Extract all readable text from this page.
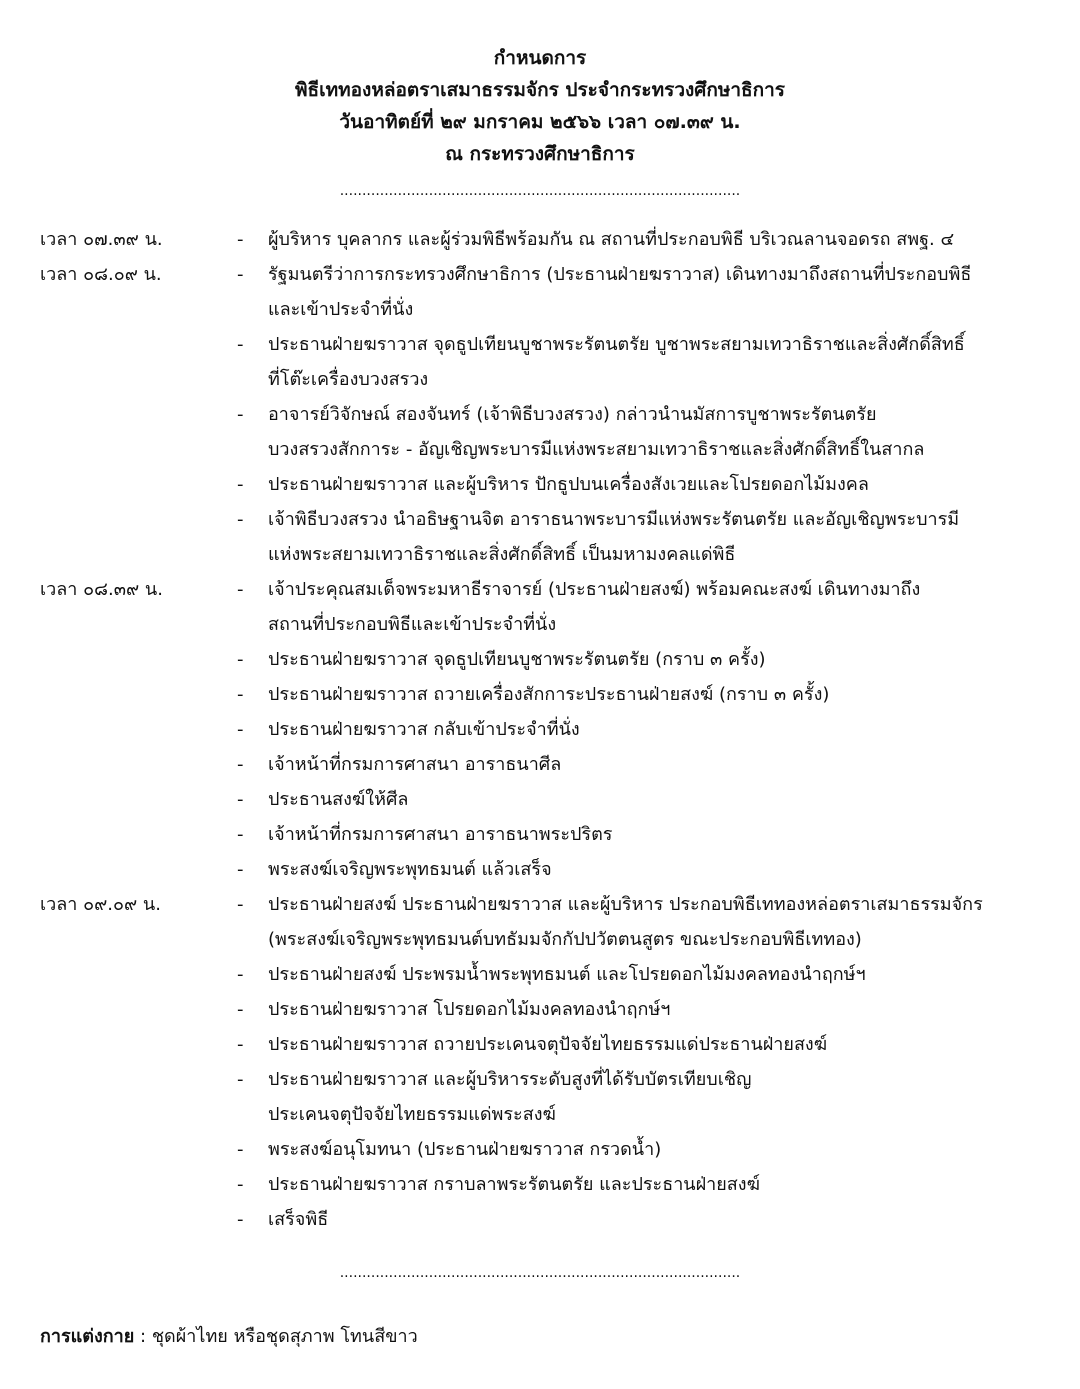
กำหนดการ
พิธีเททองหล่อตราเสมาธรรมจักร ประจำกระทรวงศึกษาธิการ
วันอาทิตย์ที่ ๒๙ มกราคม ๒๕๖๖ เวลา ๐๗.๓๙ น.
ณ กระทรวงศึกษาธิการ
..........................................................................................
เวลา ๐๗.๓๙ น.	- ผู้บริหาร บุคลากร และผู้ร่วมพิธีพร้อมกัน ณ สถานที่ประกอบพิธี บริเวณลานจอดรถ สพฐ. ๔
เวลา ๐๘.๐๙ น.	- รัฐมนตรีว่าการกระทรวงศึกษาธิการ (ประธานฝ่ายฆราวาส) เดินทางมาถึงสถานที่ประกอบพิธี
และเข้าประจำที่นั่ง
- ประธานฝ่ายฆราวาส จุดธูปเทียนบูชาพระรัตนตรัย บูชาพระสยามเทวาธิราชและสิ่งศักดิ์สิทธิ์
ที่โต๊ะเครื่องบวงสรวง
- อาจารย์วิจักษณ์ สองจันทร์ (เจ้าพิธีบวงสรวง) กล่าวนำนมัสการบูชาพระรัตนตรัย
บวงสรวงสักการะ - อัญเชิญพระบารมีแห่งพระสยามเทวาธิราชและสิ่งศักดิ์สิทธิ์ในสากล
- ประธานฝ่ายฆราวาส และผู้บริหาร ปักธูปบนเครื่องสังเวยและโปรยดอกไม้มงคล
- เจ้าพิธีบวงสรวง นำอธิษฐานจิต อาราธนาพระบารมีแห่งพระรัตนตรัย และอัญเชิญพระบารมี
แห่งพระสยามเทวาธิราชและสิ่งศักดิ์สิทธิ์ เป็นมหามงคลแด่พิธี
เวลา ๐๘.๓๙ น.	- เจ้าประคุณสมเด็จพระมหาธีราจารย์ (ประธานฝ่ายสงฆ์) พร้อมคณะสงฆ์ เดินทางมาถึง
สถานที่ประกอบพิธีและเข้าประจำที่นั่ง
- ประธานฝ่ายฆราวาส จุดธูปเทียนบูชาพระรัตนตรัย (กราบ ๓ ครั้ง)
- ประธานฝ่ายฆราวาส ถวายเครื่องสักการะประธานฝ่ายสงฆ์ (กราบ ๓ ครั้ง)
- ประธานฝ่ายฆราวาส กลับเข้าประจำที่นั่ง
- เจ้าหน้าที่กรมการศาสนา อาราธนาศีล
- ประธานสงฆ์ให้ศีล
- เจ้าหน้าที่กรมการศาสนา อาราธนาพระปริตร
- พระสงฆ์เจริญพระพุทธมนต์ แล้วเสร็จ
เวลา ๐๙.๐๙ น.	- ประธานฝ่ายสงฆ์ ประธานฝ่ายฆราวาส และผู้บริหาร ประกอบพิธีเททองหล่อตราเสมาธรรมจักร
(พระสงฆ์เจริญพระพุทธมนต์บทธัมมจักกัปปวัตตนสูตร ขณะประกอบพิธีเททอง)
- ประธานฝ่ายสงฆ์ ประพรมน้ำพระพุทธมนต์ และโปรยดอกไม้มงคลทองนำฤกษ์ฯ
- ประธานฝ่ายฆราวาส โปรยดอกไม้มงคลทองนำฤกษ์ฯ
- ประธานฝ่ายฆราวาส ถวายประเคนจตุปัจจัยไทยธรรมแด่ประธานฝ่ายสงฆ์
- ประธานฝ่ายฆราวาส และผู้บริหารระดับสูงที่ได้รับบัตรเทียบเชิญ
ประเคนจตุปัจจัยไทยธรรมแด่พระสงฆ์
- พระสงฆ์อนุโมทนา (ประธานฝ่ายฆราวาส กรวดน้ำ)
- ประธานฝ่ายฆราวาส กราบลาพระรัตนตรัย และประธานฝ่ายสงฆ์
- เสร็จพิธี
..........................................................................................
การแต่งกาย : ชุดผ้าไทย หรือชุดสุภาพ โทนสีขาว
